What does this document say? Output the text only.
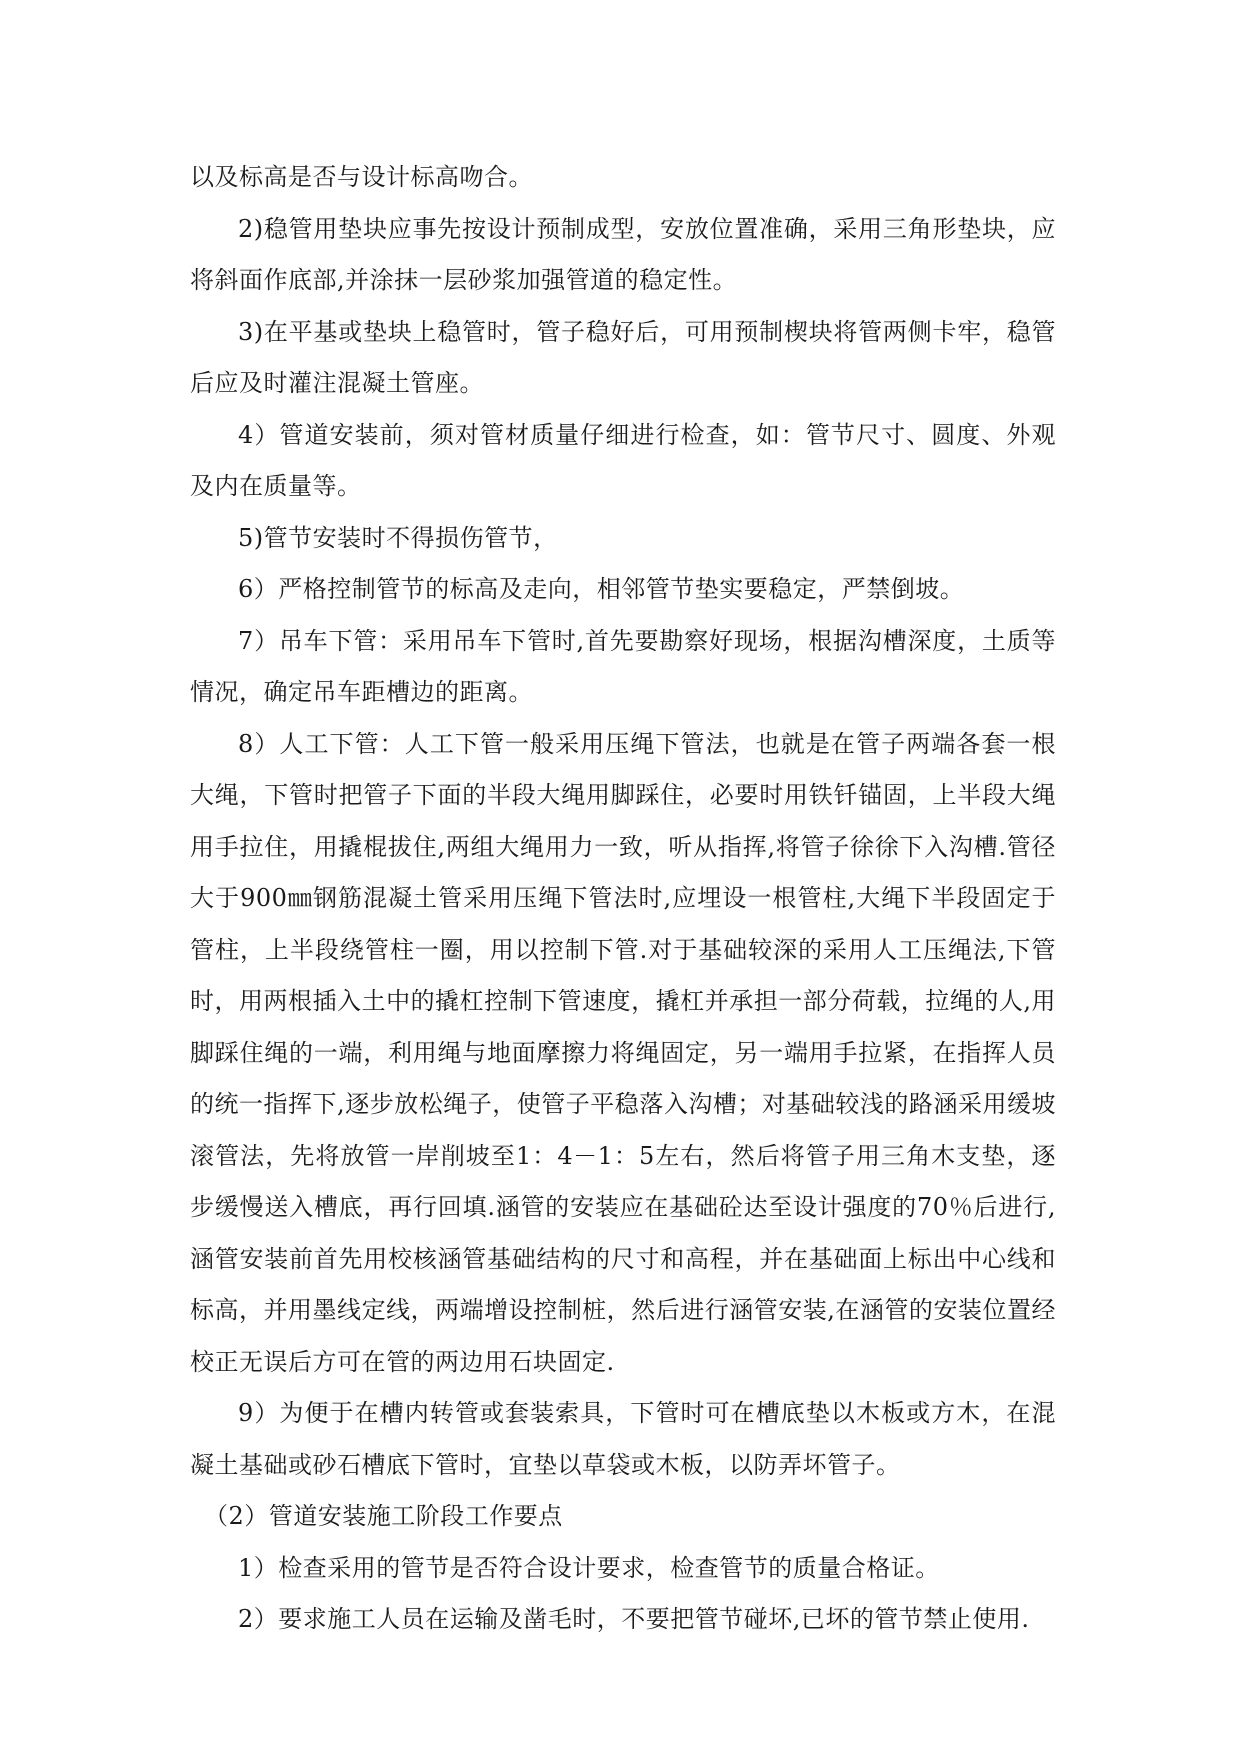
以及标高是否与设计标高吻合。

2)稳管用垫块应事先按设计预制成型，安放位置准确，采用三角形垫块，应将斜面作底部,并涂抹一层砂浆加强管道的稳定性。

3)在平基或垫块上稳管时，管子稳好后，可用预制楔块将管两侧卡牢，稳管后应及时灌注混凝土管座。

4）管道安装前，须对管材质量仔细进行检查，如：管节尺寸、圆度、外观及内在质量等。

5)管节安装时不得损伤管节，

6）严格控制管节的标高及走向，相邻管节垫实要稳定，严禁倒坡。

7）吊车下管：采用吊车下管时,首先要勘察好现场，根据沟槽深度，土质等情况，确定吊车距槽边的距离。

8）人工下管：人工下管一般采用压绳下管法，也就是在管子两端各套一根大绳，下管时把管子下面的半段大绳用脚踩住，必要时用铁钎锚固，上半段大绳用手拉住，用撬棍拔住,两组大绳用力一致，听从指挥,将管子徐徐下入沟槽.管径大于900㎜钢筋混凝土管采用压绳下管法时,应埋设一根管柱,大绳下半段固定于管柱，上半段绕管柱一圈，用以控制下管.对于基础较深的采用人工压绳法,下管时，用两根插入土中的撬杠控制下管速度，撬杠并承担一部分荷载，拉绳的人,用脚踩住绳的一端，利用绳与地面摩擦力将绳固定，另一端用手拉紧，在指挥人员的统一指挥下,逐步放松绳子，使管子平稳落入沟槽；对基础较浅的路涵采用缓坡滚管法，先将放管一岸削坡至1：4－1：5左右，然后将管子用三角木支垫，逐步缓慢送入槽底，再行回填.涵管的安装应在基础砼达至设计强度的70％后进行,涵管安装前首先用校核涵管基础结构的尺寸和高程，并在基础面上标出中心线和标高，并用墨线定线，两端增设控制桩，然后进行涵管安装,在涵管的安装位置经校正无误后方可在管的两边用石块固定.

9）为便于在槽内转管或套装索具，下管时可在槽底垫以木板或方木，在混凝土基础或砂石槽底下管时，宜垫以草袋或木板，以防弄坏管子。

（2）管道安装施工阶段工作要点

1）检查采用的管节是否符合设计要求，检查管节的质量合格证。

2）要求施工人员在运输及凿毛时，不要把管节碰坏,已坏的管节禁止使用.
